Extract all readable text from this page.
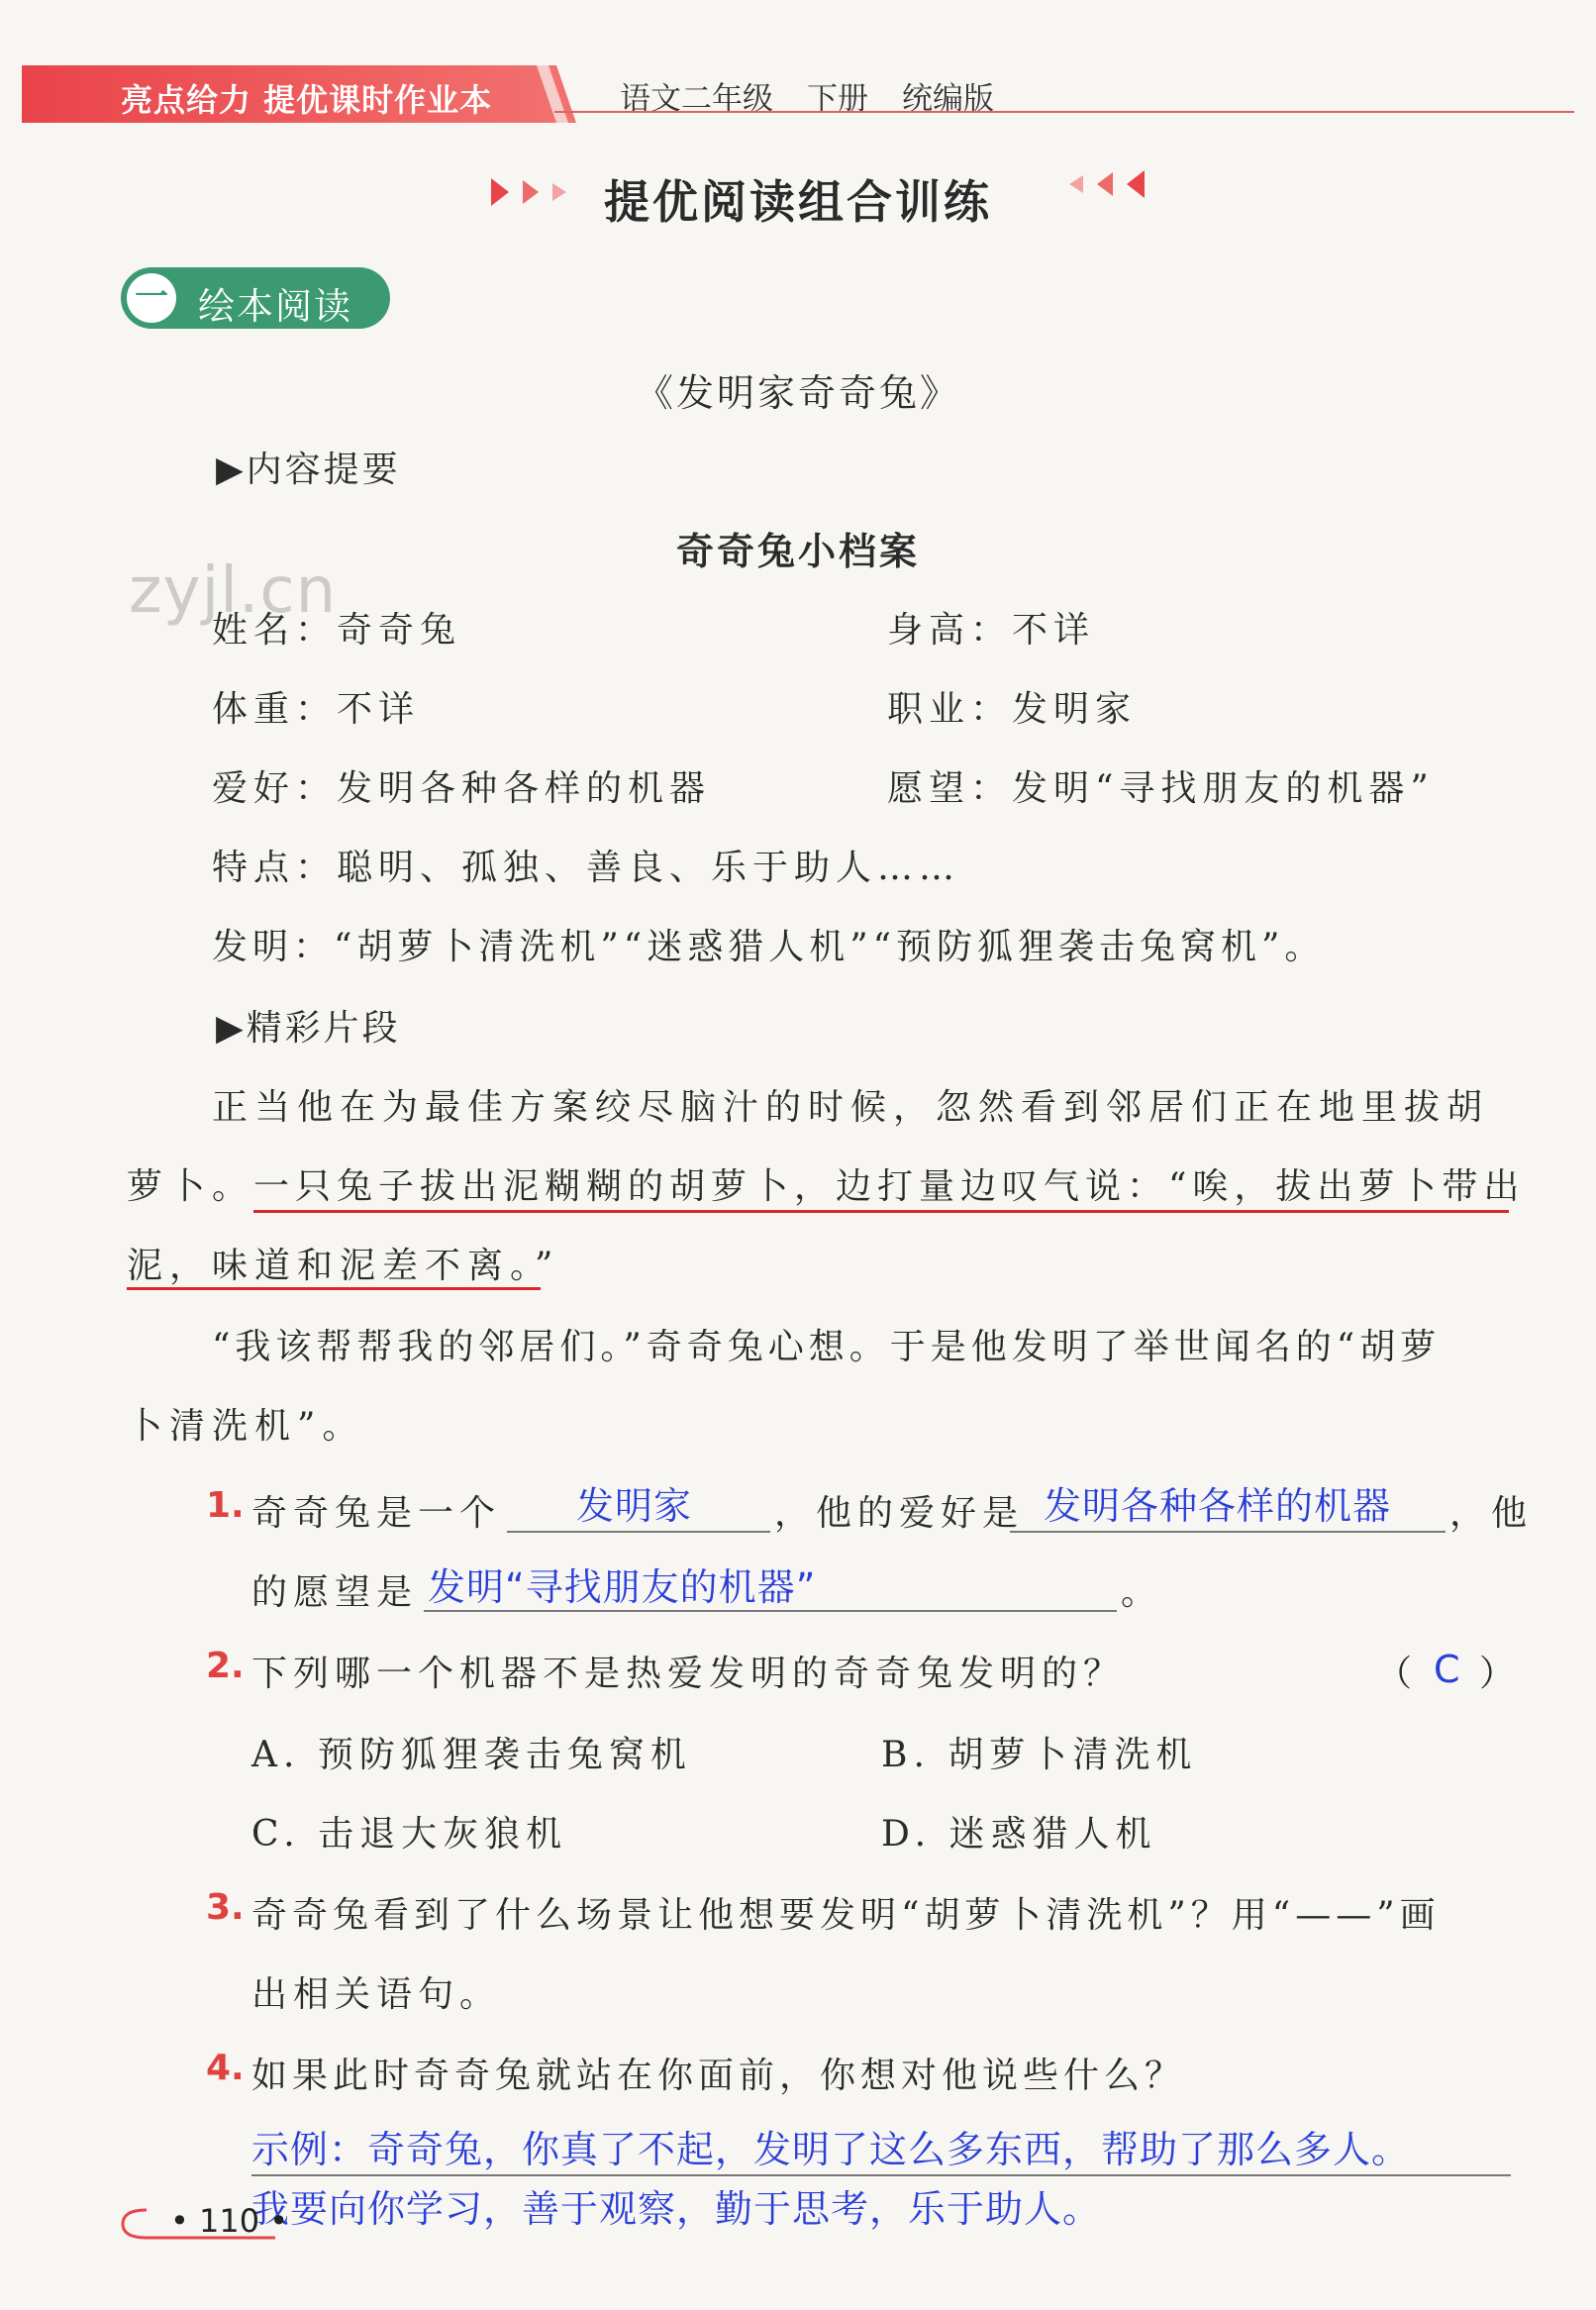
亮点给力 提优课时作业本	语文二年级 下册 统编版
提优阅读组合训练
一 绘本阅读
《发明家奇奇兔》
▶内容提要
奇奇兔小档案
zyjl.cn
姓名：奇奇兔	身高：不详
体重：不详	职业：发明家
爱好：发明各种各样的机器	愿望：发明“寻找朋友的机器”
特点：聪明、孤独、善良、乐于助人……
发明：“胡萝卜清洗机”“迷惑猎人机”“预防狐狸袭击兔窝机”。
▶精彩片段
正当他在为最佳方案绞尽脑汁的时候，忽然看到邻居们正在地里拔胡
萝卜。
一只兔子拔出泥糊糊的胡萝卜，边打量边叹气说：“唉，拔出萝卜带出
泥，味道和泥差不离。”
“我该帮帮我的邻居们。”奇奇兔心想。于是他发明了举世闻名的“胡萝
卜清洗机”。
1. 奇奇兔是一个 发明家 ，他的爱好是 发明各种各样的机器 ，他
的愿望是 发明“寻找朋友的机器”	。
2. 下列哪一个机器不是热爱发明的奇奇兔发明的？	（ C ）
A. 预防狐狸袭击兔窝机	B. 胡萝卜清洗机
C. 击退大灰狼机	D. 迷惑猎人机
3. 奇奇兔看到了什么场景让他想要发明“胡萝卜清洗机”？用“——”画
出相关语句。
4. 如果此时奇奇兔就站在你面前，你想对他说些什么？
示例：奇奇兔，你真了不起，发明了这么多东西，帮助了那么多人。
我要向你学习，善于观察，勤于思考，乐于助人。
• 110 •
